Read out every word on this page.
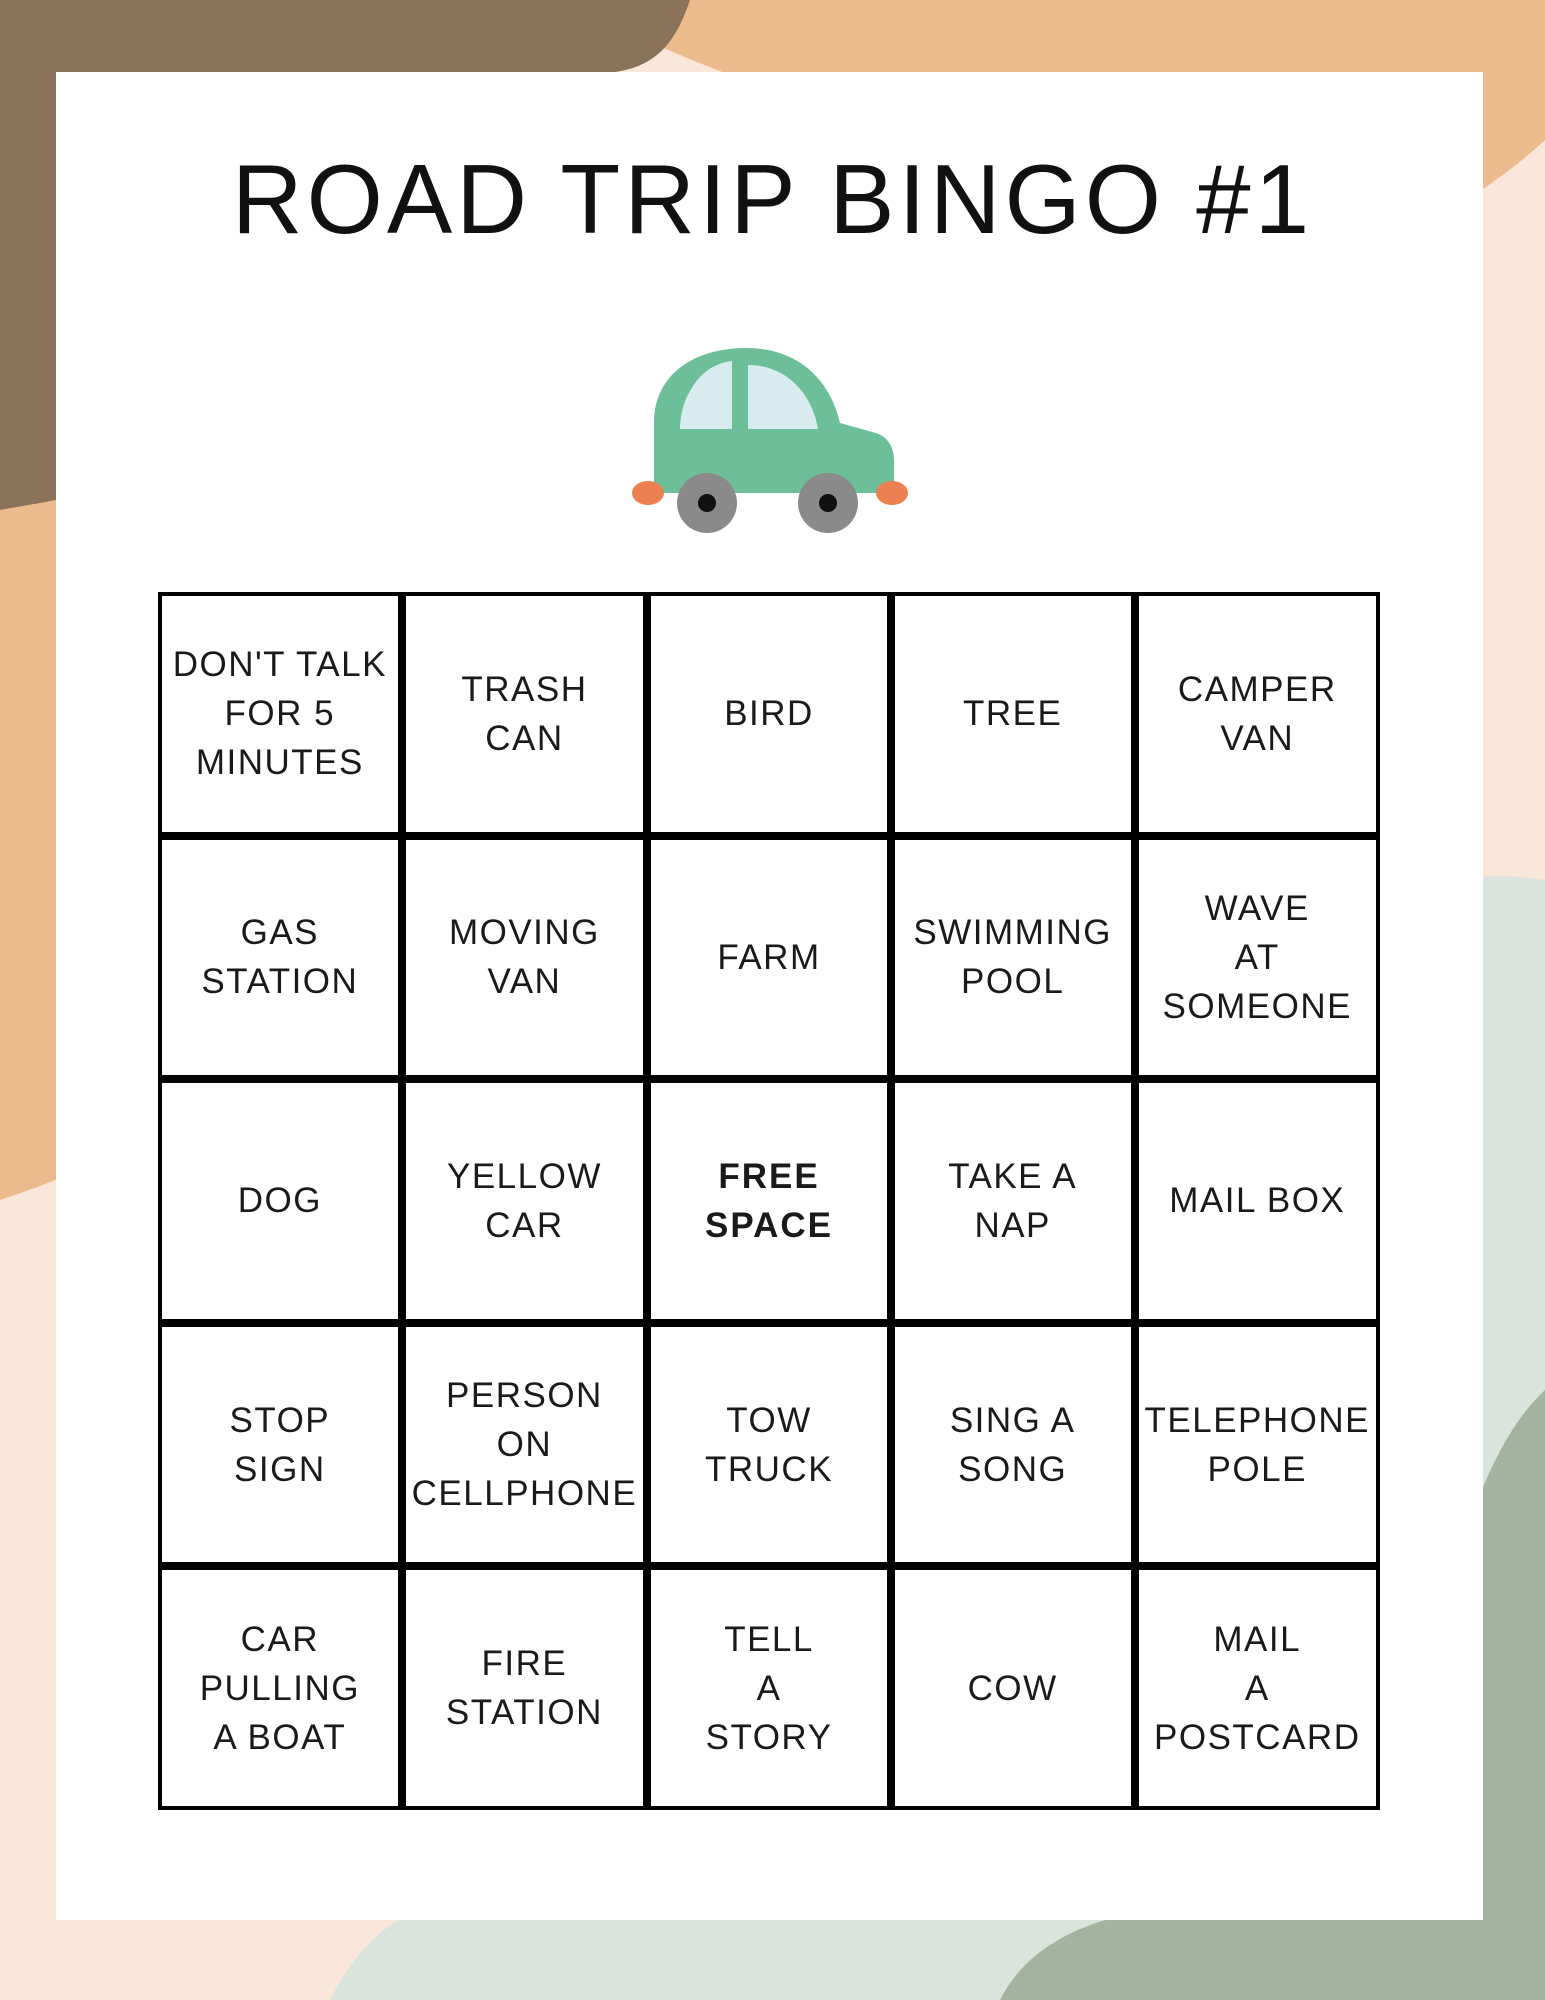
ROAD TRIP BINGO #1
DON'T TALK
FOR 5
MINUTES
TRASH
CAN
BIRD	TREE
CAMPER
VAN
GAS
STATION
MOVING
VAN
FARM
SWIMMING
POOL
WAVE
AT
SOMEONE
DOG
YELLOW
CAR
FREE
SPACE
TAKE A
NAP
MAIL BOX
STOP
SIGN
PERSON
ON
CELLPHONE
TOW
TRUCK
SING A
SONG
TELEPHONE
POLE
CAR
PULLING
A BOAT
FIRE
STATION
TELL
A
STORY
COW
MAIL
A
POSTCARD
